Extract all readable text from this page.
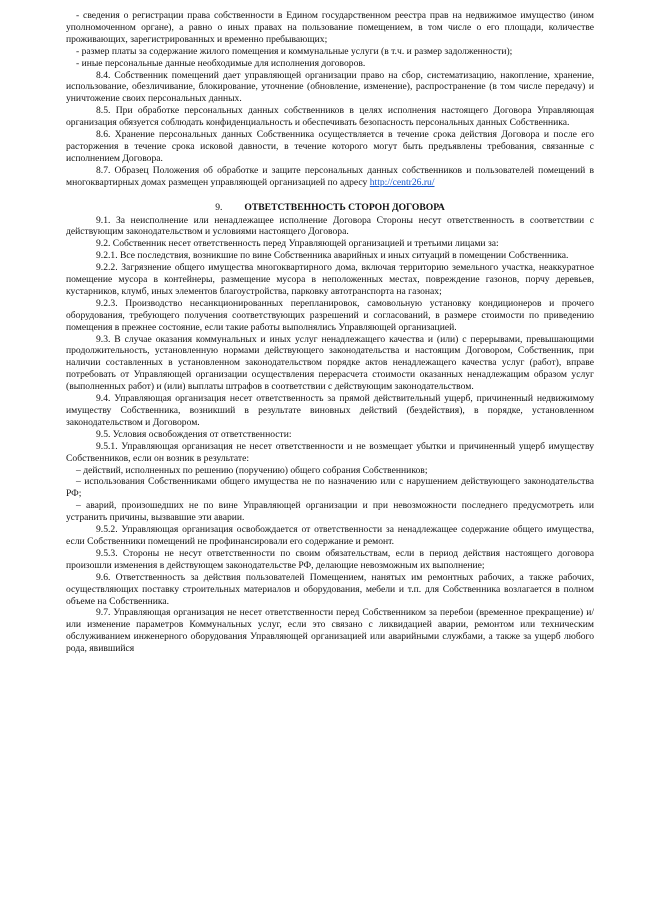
- сведения о регистрации права собственности в Едином государственном реестра прав на недвижимое имущество (ином уполномоченном органе), а равно о иных правах на пользование помещением, в том числе о его площади, количестве проживающих, зарегистрированных и временно пребывающих;

- размер платы за содержание жилого помещения и коммунальные услуги (в т.ч. и размер задолженности);

- иные персональные данные необходимые для исполнения договоров.

8.4. Собственник помещений дает управляющей организации право на сбор, систематизацию, накопление, хранение, использование, обезличивание, блокирование, уточнение (обновление, изменение), распространение (в том числе передачу) и уничтожение своих персональных данных.

8.5. При обработке персональных данных собственников в целях исполнения настоящего Договора Управляющая организация обязуется соблюдать конфиденциальность и обеспечивать безопасность персональных данных Собственника.

8.6. Хранение персональных данных Собственника осуществляется в течение срока действия Договора и после его расторжения в течение срока исковой давности, в течение которого могут быть предъявлены требования, связанные с исполнением Договора.

8.7. Образец Положения об обработке и защите персональных данных собственников и пользователей помещений в многоквартирных домах размещен управляющей организацией по адресу http://centr26.ru/

9. ОТВЕТСТВЕННОСТЬ СТОРОН ДОГОВОРА

9.1. За неисполнение или ненадлежащее исполнение Договора Стороны несут ответственность в соответствии с действующим законодательством и условиями настоящего Договора.

9.2. Собственник несет ответственность перед Управляющей организацией и третьими лицами за:

9.2.1. Все последствия, возникшие по вине Собственника аварийных и иных ситуаций в помещении Собственника.

9.2.2. Загрязнение общего имущества многоквартирного дома, включая территорию земельного участка, неаккуратное помещение мусора в контейнеры, размещение мусора в неположенных местах, повреждение газонов, порчу деревьев, кустарников, клумб, иных элементов благоустройства, парковку автотранспорта на газонах;

9.2.3. Производство несанкционированных перепланировок, самовольную установку кондиционеров и прочего оборудования, требующего получения соответствующих разрешений и согласований, в размере стоимости по приведению помещения в прежнее состояние, если такие работы выполнялись Управляющей организацией.

9.3. В случае оказания коммунальных и иных услуг ненадлежащего качества и (или) с перерывами, превышающими продолжительность, установленную нормами действующего законодательства и настоящим Договором, Собственник, при наличии составленных в установленном законодательством порядке актов ненадлежащего качества услуг (работ), вправе потребовать от Управляющей организации осуществления перерасчета стоимости оказанных ненадлежащим образом услуг (выполненных работ) и (или) выплаты штрафов в соответствии с действующим законодательством.

9.4. Управляющая организация несет ответственность за прямой действительный ущерб, причиненный недвижимому имуществу Собственника, возникший в результате виновных действий (бездействия), в порядке, установленном законодательством и Договором.

9.5. Условия освобождения от ответственности:

9.5.1. Управляющая организация не несет ответственности и не возмещает убытки и причиненный ущерб имуществу Собственников, если он возник в результате:

– действий, исполненных по решению (поручению) общего собрания Собственников;

– использования Собственниками общего имущества не по назначению или с нарушением действующего законодательства РФ;

– аварий, произошедших не по вине Управляющей организации и при невозможности последнего предусмотреть или устранить причины, вызвавшие эти аварии.

9.5.2. Управляющая организация освобождается от ответственности за ненадлежащее содержание общего имущества, если Собственники помещений не профинансировали его содержание и ремонт.

9.5.3. Стороны не несут ответственности по своим обязательствам, если в период действия настоящего договора произошли изменения в действующем законодательстве РФ, делающие невозможным их выполнение;

9.6. Ответственность за действия пользователей Помещением, нанятых им ремонтных рабочих, а также рабочих, осуществляющих поставку строительных материалов и оборудования, мебели и т.п. для Собственника возлагается в полном объеме на Собственника.

9.7. Управляющая организация не несет ответственности перед Собственником за перебои (временное прекращение) и/или изменение параметров Коммунальных услуг, если это связано с ликвидацией аварии, ремонтом или техническим обслуживанием инженерного оборудования Управляющей организацией или аварийными службами, а также за ущерб любого рода, явившийся
